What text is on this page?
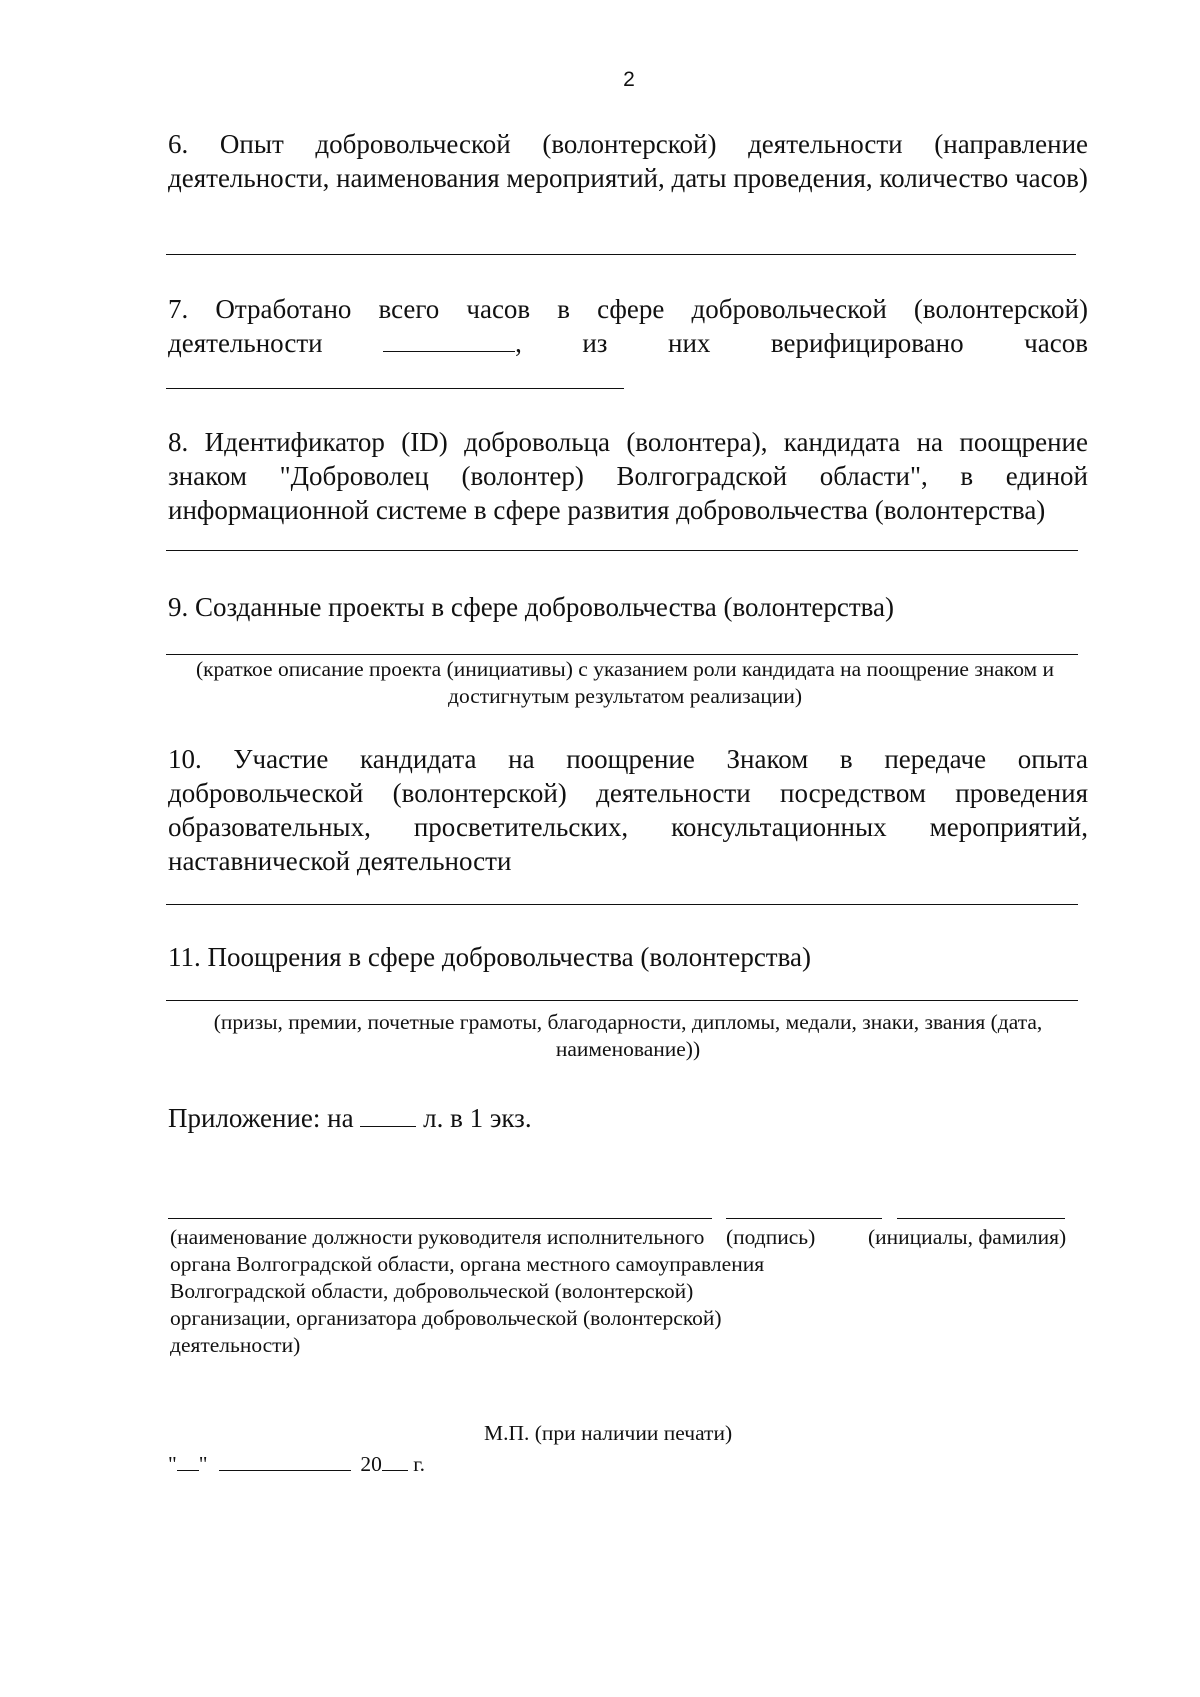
2
6. Опыт добровольческой (волонтерской) деятельности (направление деятельности, наименования мероприятий, даты проведения, количество часов)
7. Отработано всего часов в сфере добровольческой (волонтерской)
деятельности	, из них верифицировано часов
8. Идентификатор (ID) добровольца (волонтера), кандидата на поощрение знаком "Доброволец (волонтер) Волгоградской области", в единой информационной системе в сфере развития добровольчества (волонтерства)
9. Созданные проекты в сфере добровольчества (волонтерства)
(краткое описание проекта (инициативы) с указанием роли кандидата на поощрение знаком и достигнутым результатом реализации)
10. Участие кандидата на поощрение Знаком в передаче опыта добровольческой (волонтерской) деятельности посредством проведения образовательных, просветительских, консультационных мероприятий, наставнической деятельности
11. Поощрения в сфере добровольчества (волонтерства)
(призы, премии, почетные грамоты, благодарности, дипломы, медали, знаки, звания (дата, наименование))
Приложение: на	л. в 1 экз.
(наименование должности руководителя исполнительного органа Волгоградской области, органа местного самоуправления Волгоградской области, добровольческой (волонтерской) организации, организатора добровольческой (волонтерской) деятельности)
(подпись)	(инициалы, фамилия)
М.П. (при наличии печати)
" "	20 г.
